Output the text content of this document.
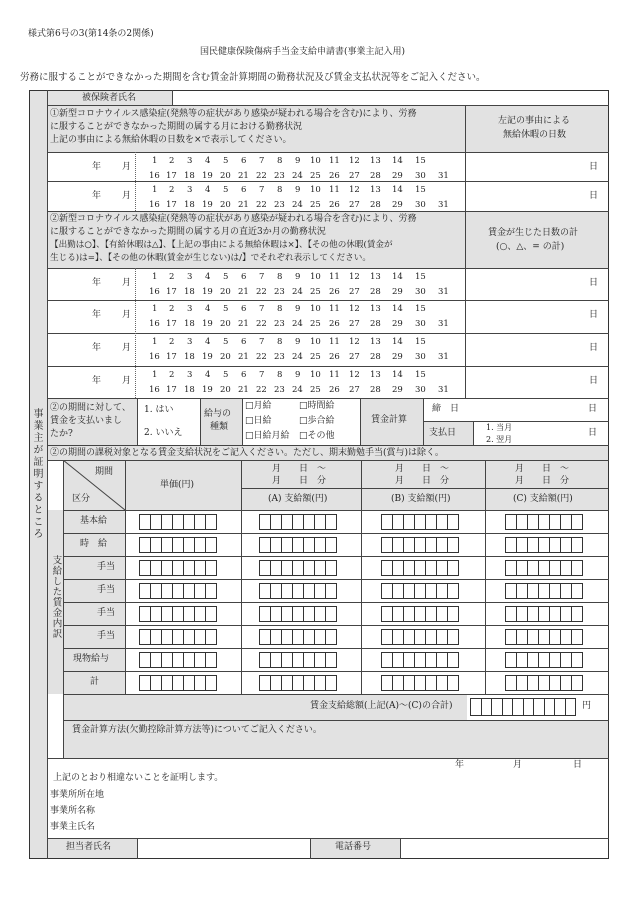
様式第6号の3(第14条の2関係)
国民健康保険傷病手当金支給申請書(事業主記入用)
労務に服することができなかった期間を含む賃金計算期間の勤務状況及び賃金支払状況等をご記入ください。
事業主が証明するところ
被保険者氏名
①新型コロナウイルス感染症(発熱等の症状があり感染が疑われる場合を含む)により、労務
に服することができなかった期間の属する月における勤務状況
上記の事由による無給休暇の日数を×で表示してください。
左記の事由による
無給休暇の日数
年 月
1 2 3 4 5 6 7 8 9 10 11 12 13 14 15
16 17 18 19 20 21 22 23 24 25 26 27 28 29 30 31
日
年 月
1 2 3 4 5 6 7 8 9 10 11 12 13 14 15
16 17 18 19 20 21 22 23 24 25 26 27 28 29 30 31
日
②新型コロナウイルス感染症(発熱等の症状があり感染が疑われる場合を含む)により、労務
に服することができなかった期間の属する月の直近3か月の勤務状況
【出勤は○】、【有給休暇は△】、【上記の事由による無給休暇は×】、【その他の休暇(賃金が
生じる)は=】、【その他の休暇(賃金が生じない)は/】でそれぞれ表示してください。
賃金が生じた日数の計
(○、△、= の計)
年 月
1 2 3 4 5 6 7 8 9 10 11 12 13 14 15
16 17 18 19 20 21 22 23 24 25 26 27 28 29 30 31
日
年 月
1 2 3 4 5 6 7 8 9 10 11 12 13 14 15
16 17 18 19 20 21 22 23 24 25 26 27 28 29 30 31
日
年 月
1 2 3 4 5 6 7 8 9 10 11 12 13 14 15
16 17 18 19 20 21 22 23 24 25 26 27 28 29 30 31
日
年 月
1 2 3 4 5 6 7 8 9 10 11 12 13 14 15
16 17 18 19 20 21 22 23 24 25 26 27 28 29 30 31
日
②の期間に対して、
賃金を支払いまし
たか?
1. はい
2. いいえ
給与の
種類
□月給	□時間給
□日給	□歩合給
□日給月給 □その他
賃金計算
締　日	日
支払日
1. 当月
2. 翌月
日
②の期間の課税対象となる賃金支給状況をご記入ください。ただし、期末勤勉手当(賞与)は除く。
期間
区分
単価(円)
月　　日　～
月　　日　分
(A) 支給額(円)
月　　日　～
月　　日　分
(B) 支給額(円)
月　　日　～
月　　日　分
(C) 支給額(円)
支給した賃金内訳
基本給
時　給
手当
手当
手当
手当
現物給与
計
賃金支給総額(上記(A)～(C)の合計)	円
賃金計算方法(欠勤控除計算方法等)についてご記入ください。
年	月	日
上記のとおり相違ないことを証明します。
事業所所在地
事業所名称
事業主氏名
担当者氏名	電話番号
